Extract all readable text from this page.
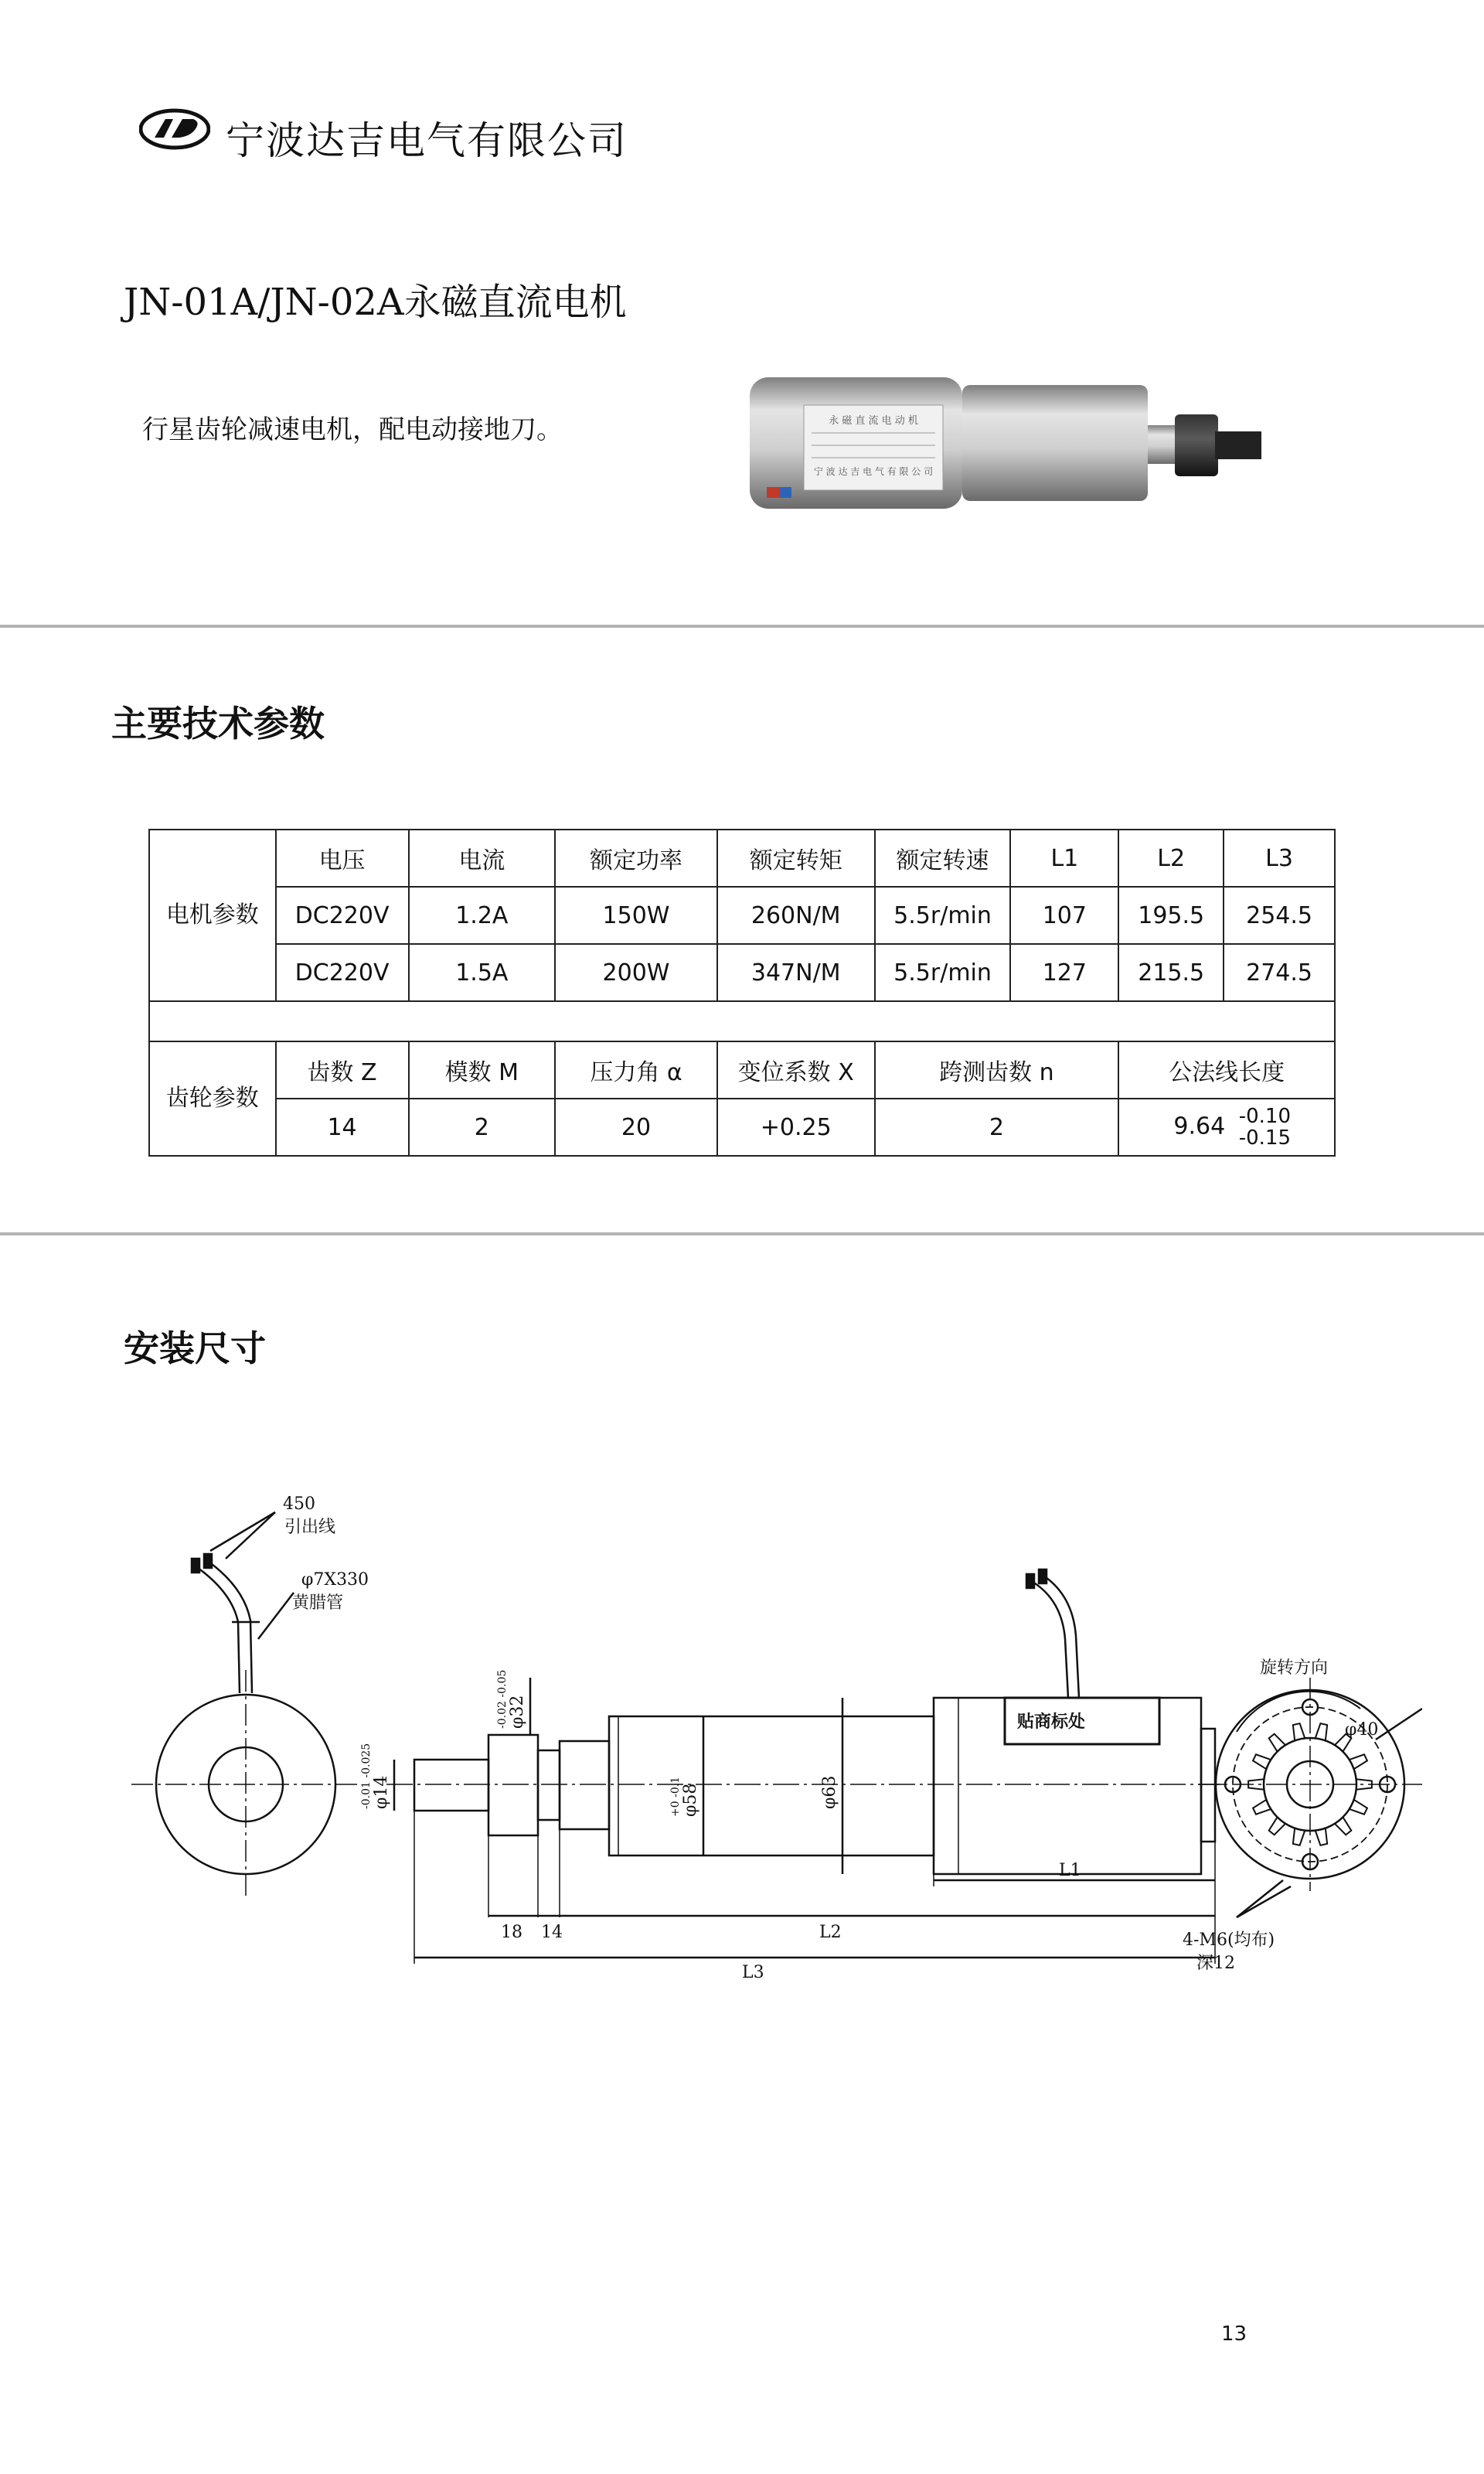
宁波达吉电气有限公司
JN-01A/JN-02A永磁直流电机
行星齿轮减速电机，配电动接地刀。	永 磁 直 流 电 动 机
宁 波 达 吉 电 气 有 限 公 司
主要技术参数
电机参数	电压	电流	额定功率	额定转矩	额定转速	L1	L2	L3
	DC220V	1.2A	150W	260N/M	5.5r/min	107	195.5	254.5
	DC220V	1.5A	200W	347N/M	5.5r/min	127	215.5	274.5

齿轮参数	齿数 Z	模数 M	压力角 α	变位系数 X	跨测齿数 n		公法线长度	
	14	2	20	+0.25	2		9.64 -0.10
-0.15	
安装尺寸
450
引出线
φ7X330
黄腊管
贴商标处
18 14
L1
L2
L3
旋转方向
φ40
4-M6(均布)
深12
φ14
-0.01 -0.025
φ32
-0.02 -0.05
φ58
+0 -0.1	φ63
13
